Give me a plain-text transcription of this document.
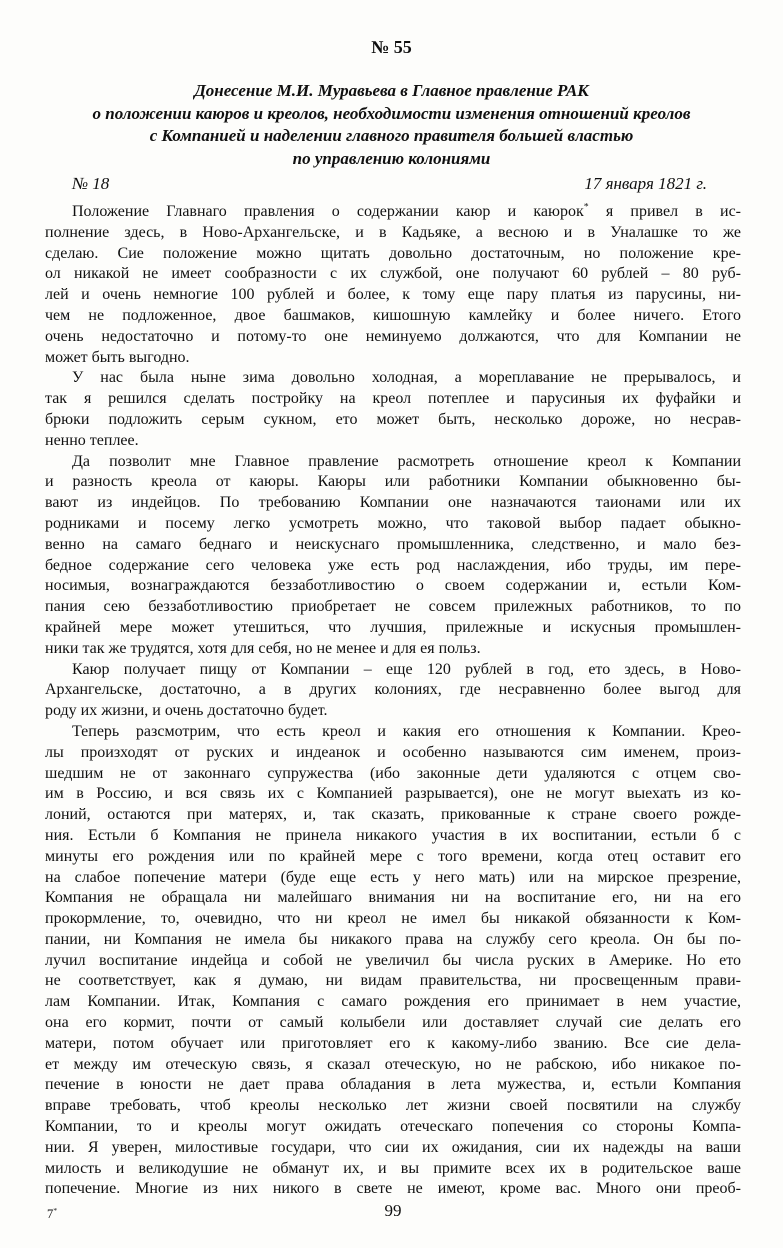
№ 55
Донесение М.И. Муравьева в Главное правление РАК
о положении каюров и креолов, необходимости изменения отношений креолов
с Компанией и наделении главного правителя большей властью
по управлению колониями
№ 18	17 января 1821 г.
Положение Главнаго правления о содержании каюр и каюрок* я привел в ис-
полнение здесь, в Ново-Архангельске, и в Кадьяке, а весною и в Уналашке то же
сделаю. Сие положение можно щитать довольно достаточным, но положение кре-
ол никакой не имеет сообразности с их службой, оне получают 60 рублей – 80 руб-
лей и очень немногие 100 рублей и более, к тому еще пару платья из парусины, ни-
чем не подложенное, двое башмаков, кишошную камлейку и более ничего. Етого
очень недостаточно и потому-то оне неминуемо должаются, что для Компании не
может быть выгодно.
У нас была ныне зима довольно холодная, а мореплавание не прерывалось, и
так я решился сделать постройку на креол потеплее и парусиныя их фуфайки и
брюки подложить серым сукном, ето может быть, несколько дороже, но несрав-
ненно теплее.
Да позволит мне Главное правление расмотреть отношение креол к Компании
и разность креола от каюры. Каюры или работники Компании обыкновенно бы-
вают из индейцов. По требованию Компании оне назначаются таионами или их
родниками и посему легко усмотреть можно, что таковой выбор падает обыкно-
венно на самаго беднаго и неискуснаго промышленника, следственно, и мало без-
бедное содержание сего человека уже есть род наслаждения, ибо труды, им пере-
носимыя, вознаграждаются беззаботливостию о своем содержании и, естьли Ком-
пания сею беззаботливостию приобретает не совсем прилежных работников, то по
крайней мере может утешиться, что лучшия, прилежные и искусныя промышлен-
ники так же трудятся, хотя для себя, но не менее и для ея польз.
Каюр получает пищу от Компании – еще 120 рублей в год, ето здесь, в Ново-
Архангельске, достаточно, а в других колониях, где несравненно более выгод для
роду их жизни, и очень достаточно будет.
Теперь разсмотрим, что есть креол и какия его отношения к Компании. Крео-
лы произходят от руских и индеанок и особенно называются сим именем, произ-
шедшим не от законнаго супружества (ибо законные дети удаляются с отцем сво-
им в Россию, и вся связь их с Компанией разрывается), оне не могут выехать из ко-
лоний, остаются при матерях, и, так сказать, прикованные к стране своего рожде-
ния. Естьли б Компания не принела никакого участия в их воспитании, естьли б с
минуты его рождения или по крайней мере с того времени, когда отец оставит его
на слабое попечение матери (буде еще есть у него мать) или на мирское презрение,
Компания не обращала ни малейшаго внимания ни на воспитание его, ни на его
прокормление, то, очевидно, что ни креол не имел бы никакой обязанности к Ком-
пании, ни Компания не имела бы никакого права на службу сего креола. Он бы по-
лучил воспитание индейца и собой не увеличил бы числа руских в Америке. Но ето
не соответствует, как я думаю, ни видам правительства, ни просвещенным прави-
лам Компании. Итак, Компания с самаго рождения его принимает в нем участие,
она его кормит, почти от самый колыбели или доставляет случай сие делать его
матери, потом обучает или приготовляет его к какому-либо званию. Все сие дела-
ет между им отеческую связь, я сказал отеческую, но не рабскою, ибо никакое по-
печение в юности не дает права обладания в лета мужества, и, естьли Компания
вправе требовать, чтоб креолы несколько лет жизни своей посвятили на службу
Компании, то и креолы могут ожидать отеческаго попечения со стороны Компа-
нии. Я уверен, милостивые государи, что сии их ожидания, сии их надежды на ваши
милость и великодушие не обманут их, и вы примите всех их в родительское ваше
попечение. Многие из них никого в свете не имеют, кроме вас. Много они преоб-
7*	99
